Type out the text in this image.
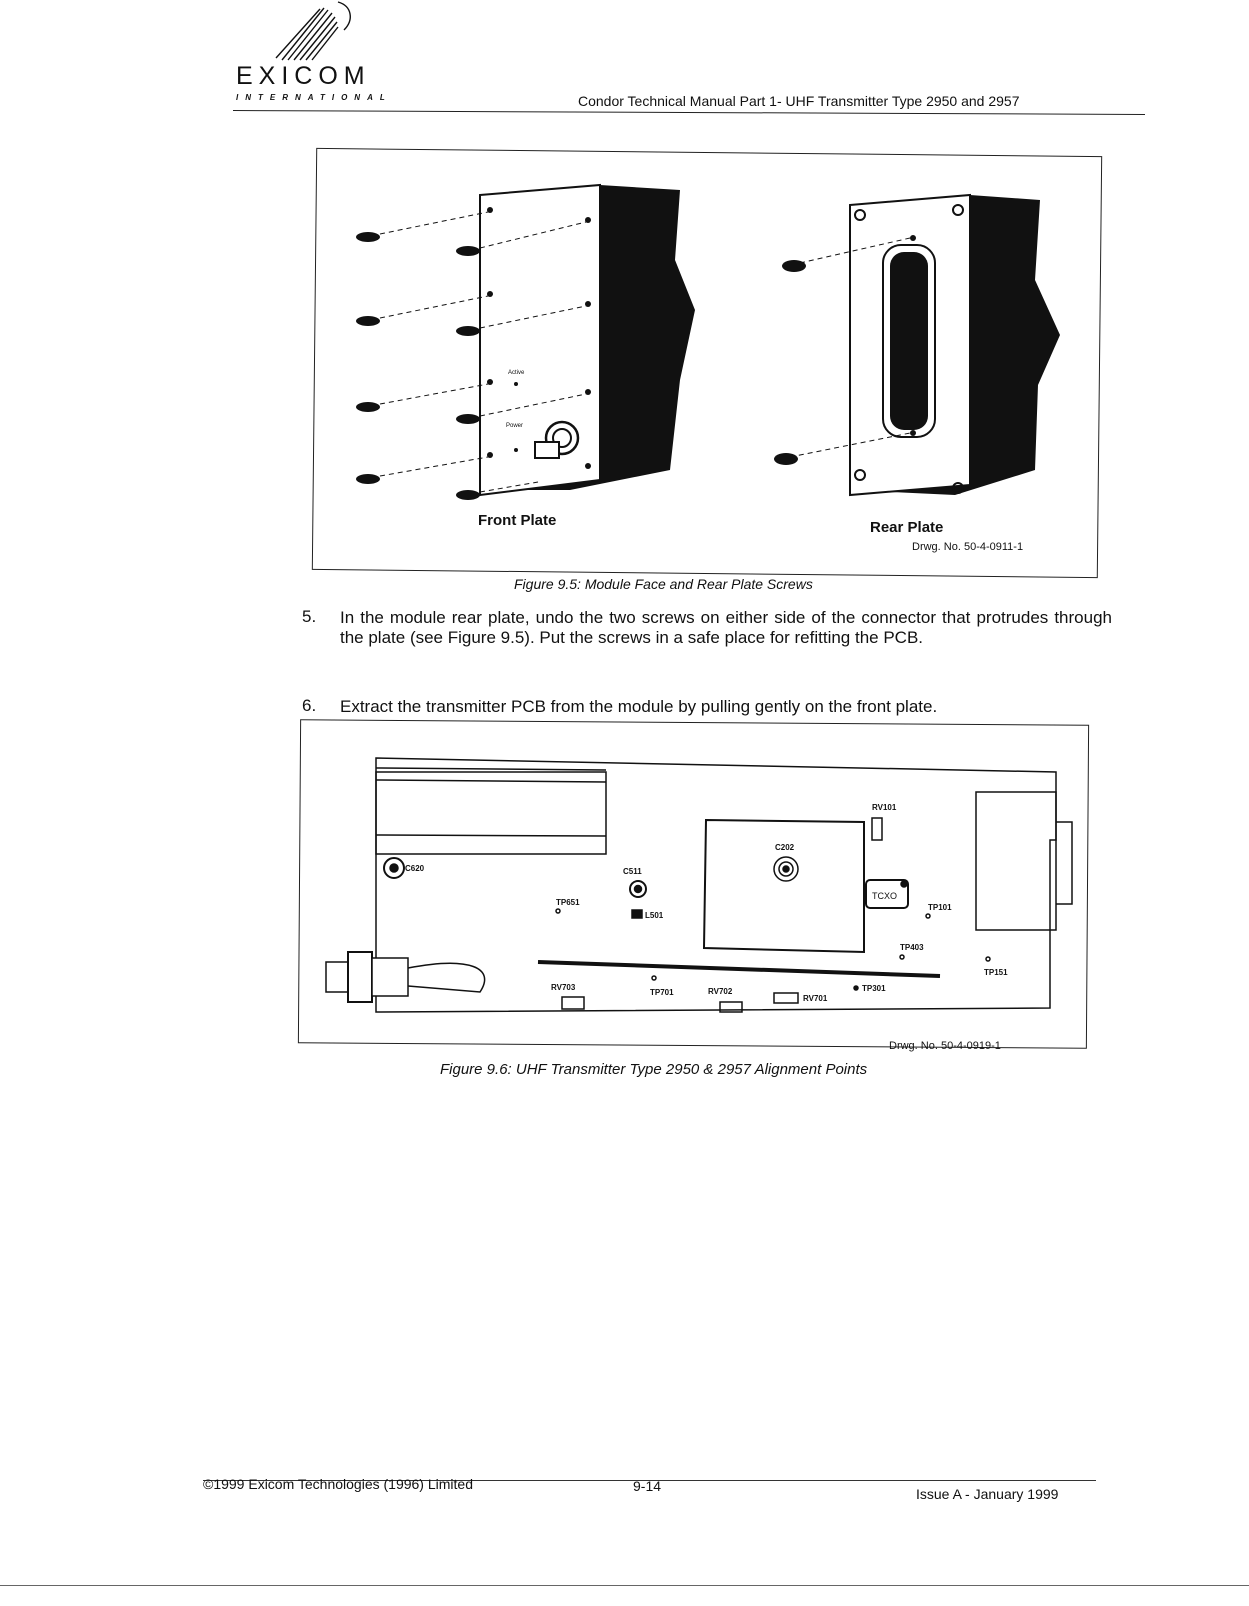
EXICOM
INTERNATIONAL	Condor Technical Manual Part 1- UHF Transmitter Type 2950 and 2957
Active
Power
Front Plate	Rear Plate
Drwg. No. 50-4-0911-1
Figure 9.5: Module Face and Rear Plate Screws
5. In the module rear plate, undo the two screws on either side of the connector that protrudes through the plate (see Figure 9.5). Put the screws in a safe place for refitting the PCB.
6. Extract the transmitter PCB from the module by pulling gently on the front plate.
C620	C511
TP651
L501
C202
RV101
TCXO
TP101
TP403
TP151
RV703
TP701	RV702
RV701
TP301
Drwg. No. 50-4-0919-1
Figure 9.6: UHF Transmitter Type 2950 & 2957 Alignment Points
©1999 Exicom Technologies (1996) Limited	9-14	Issue A - January 1999
